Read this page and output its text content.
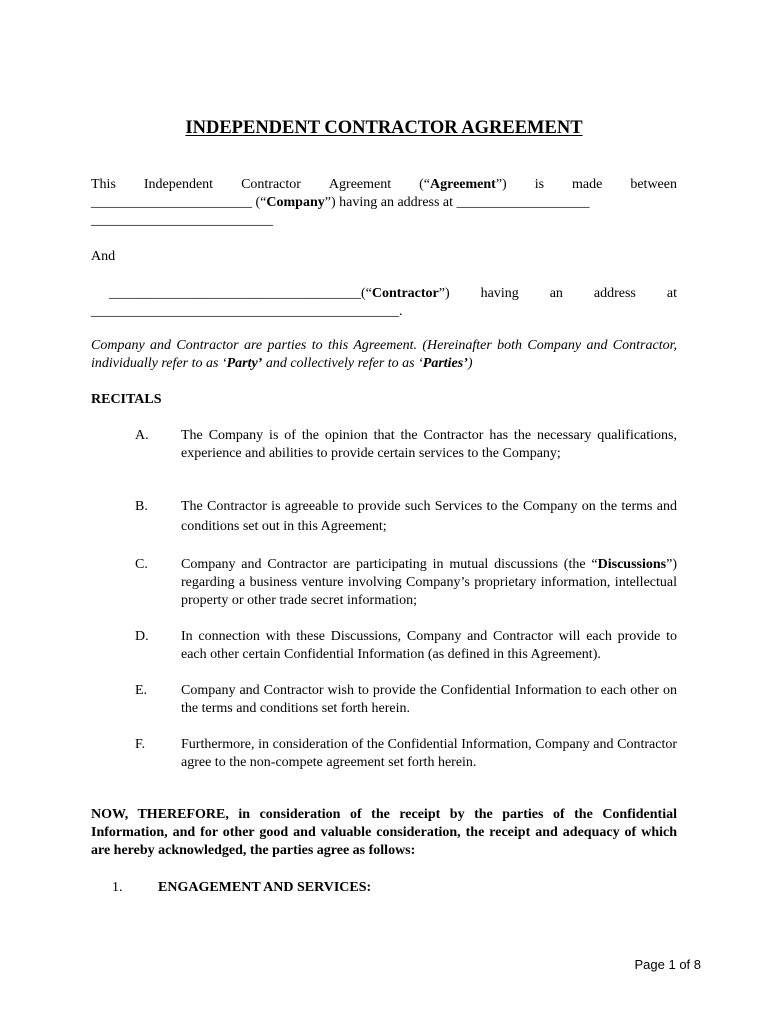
INDEPENDENT CONTRACTOR AGREEMENT
This Independent Contractor Agreement (“Agreement”) is made between
_______________________ (“Company”) having an address at ___________________
__________________________
And
____________________________________(“Contractor”) having an address at
____________________________________________.
Company and Contractor are parties to this Agreement. (Hereinafter both Company and Contractor, individually refer to as ‘Party’ and collectively refer to as ‘Parties’)
RECITALS
A. The Company is of the opinion that the Contractor has the necessary qualifications, experience and abilities to provide certain services to the Company;
B. The Contractor is agreeable to provide such Services to the Company on the terms and conditions set out in this Agreement;
C. Company and Contractor are participating in mutual discussions (the “Discussions”) regarding a business venture involving Company’s proprietary information, intellectual property or other trade secret information;
D. In connection with these Discussions, Company and Contractor will each provide to each other certain Confidential Information (as defined in this Agreement).
E. Company and Contractor wish to provide the Confidential Information to each other on the terms and conditions set forth herein.
F.	Furthermore, in consideration of the Confidential Information, Company and Contractor agree to the non-compete agreement set forth herein.
NOW, THEREFORE, in consideration of the receipt by the parties of the Confidential Information, and for other good and valuable consideration, the receipt and adequacy of which are hereby acknowledged, the parties agree as follows:
1.	ENGAGEMENT AND SERVICES:
Page 1 of 8
